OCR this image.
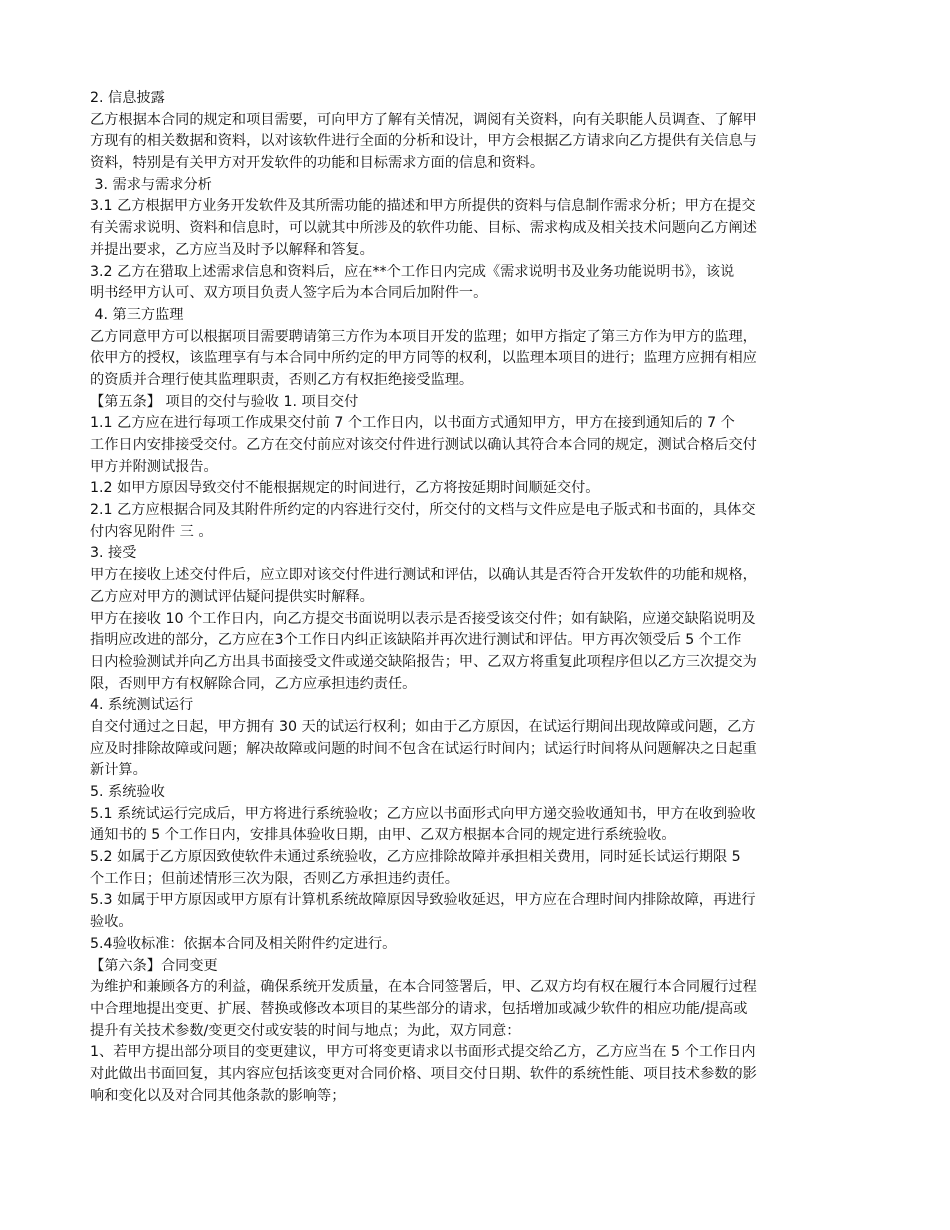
2. 信息披露
乙方根据本合同的规定和项目需要，可向甲方了解有关情况，调阅有关资料，向有关职能人员调查、了解甲
方现有的相关数据和资料，以对该软件进行全面的分析和设计，甲方会根据乙方请求向乙方提供有关信息与
资料，特别是有关甲方对开发软件的功能和目标需求方面的信息和资料。
3. 需求与需求分析
3.1 乙方根据甲方业务开发软件及其所需功能的描述和甲方所提供的资料与信息制作需求分析；甲方在提交
有关需求说明、资料和信息时，可以就其中所涉及的软件功能、目标、需求构成及相关技术问题向乙方阐述
并提出要求，乙方应当及时予以解释和答复。
3.2 乙方在猎取上述需求信息和资料后，应在**个工作日内完成《需求说明书及业务功能说明书》，该说
明书经甲方认可、双方项目负责人签字后为本合同后加附件一。
4. 第三方监理
乙方同意甲方可以根据项目需要聘请第三方作为本项目开发的监理；如甲方指定了第三方作为甲方的监理，
依甲方的授权，该监理享有与本合同中所约定的甲方同等的权利，以监理本项目的进行；监理方应拥有相应
的资质并合理行使其监理职责，否则乙方有权拒绝接受监理。
【第五条】 项目的交付与验收 1. 项目交付
1.1 乙方应在进行每项工作成果交付前 7 个工作日内，以书面方式通知甲方，甲方在接到通知后的 7 个
工作日内安排接受交付。乙方在交付前应对该交付件进行测试以确认其符合本合同的规定，测试合格后交付
甲方并附测试报告。
1.2 如甲方原因导致交付不能根据规定的时间进行，乙方将按延期时间顺延交付。
2.1 乙方应根据合同及其附件所约定的内容进行交付，所交付的文档与文件应是电子版式和书面的，具体交
付内容见附件 三 。
3. 接受
甲方在接收上述交付件后，应立即对该交付件进行测试和评估，以确认其是否符合开发软件的功能和规格，
乙方应对甲方的测试评估疑问提供实时解释。
甲方在接收 10 个工作日内，向乙方提交书面说明以表示是否接受该交付件；如有缺陷，应递交缺陷说明及
指明应改进的部分，乙方应在3个工作日内纠正该缺陷并再次进行测试和评估。甲方再次领受后 5 个工作
日内检验测试并向乙方出具书面接受文件或递交缺陷报告；甲、乙双方将重复此项程序但以乙方三次提交为
限，否则甲方有权解除合同，乙方应承担违约责任。
4. 系统测试运行
自交付通过之日起，甲方拥有 30 天的试运行权利；如由于乙方原因，在试运行期间出现故障或问题，乙方
应及时排除故障或问题；解决故障或问题的时间不包含在试运行时间内；试运行时间将从问题解决之日起重
新计算。
5. 系统验收
5.1 系统试运行完成后，甲方将进行系统验收；乙方应以书面形式向甲方递交验收通知书，甲方在收到验收
通知书的 5 个工作日内，安排具体验收日期，由甲、乙双方根据本合同的规定进行系统验收。
5.2 如属于乙方原因致使软件未通过系统验收，乙方应排除故障并承担相关费用，同时延长试运行期限 5
个工作日；但前述情形三次为限，否则乙方承担违约责任。
5.3 如属于甲方原因或甲方原有计算机系统故障原因导致验收延迟，甲方应在合理时间内排除故障，再进行
验收。
5.4验收标准：依据本合同及相关附件约定进行。
【第六条】合同变更
为维护和兼顾各方的利益，确保系统开发质量，在本合同签署后，甲、乙双方均有权在履行本合同履行过程
中合理地提出变更、扩展、替换或修改本项目的某些部分的请求，包括增加或减少软件的相应功能/提高或
提升有关技术参数/变更交付或安装的时间与地点；为此，双方同意：
1、若甲方提出部分项目的变更建议，甲方可将变更请求以书面形式提交给乙方，乙方应当在 5 个工作日内
对此做出书面回复，其内容应包括该变更对合同价格、项目交付日期、软件的系统性能、项目技术参数的影
响和变化以及对合同其他条款的影响等；
